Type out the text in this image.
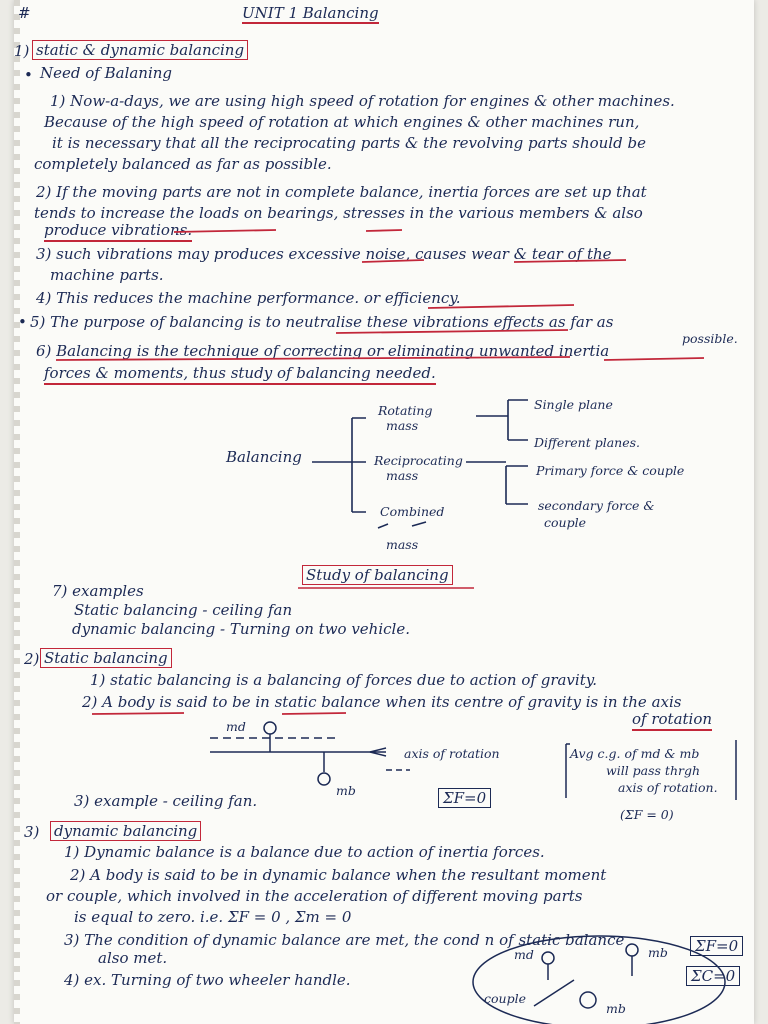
#	UNIT 1 Balancing
1) static & dynamic balancing
• Need of Balaning
1) Now-a-days, we are using high speed of rotation for engines & other machines.
Because of the high speed of rotation at which engines & other machines run,
it is necessary that all the reciprocating parts & the revolving parts should be
completely balanced as far as possible.
2) If the moving parts are not in complete balance, inertia forces are set up that
tends to increase the loads on bearings, stresses in the various members & also
produce vibrations.
3) such vibrations may produces excessive noise, causes wear & tear of the
machine parts.
4) This reduces the machine performance. or efficiency.
• 5) The purpose of balancing is to neutralise these vibrations effects as far as
possible.
6) Balancing is the technique of correcting or eliminating unwanted inertia
forces & moments, thus study of balancing needed.
Balancing
Rotating
mass
Reciprocating
mass
Combined
mass
Single plane
Different planes.
Primary force & couple
secondary force &
couple
Study of balancing
7) examples
Static balancing - ceiling fan
dynamic balancing - Turning on two vehicle.
2) Static balancing
1) static balancing is a balancing of forces due to action of gravity.
2) A body is said to be in static balance when its centre of gravity is in the axis
of rotation
md
mb
axis of rotation	Avg c.g. of md & mb
will pass thrgh
axis of rotation.
(ΣF = 0)
3) example - ceiling fan.	ΣF=0
3) dynamic balancing
1) Dynamic balance is a balance due to action of inertia forces.
2) A body is said to be in dynamic balance when the resultant moment
or couple, which involved in the acceleration of different moving parts
is equal to zero. i.e. ΣF = 0 , Σm = 0
3) The condition of dynamic balance are met, the cond n of static balance
also met.
4) ex. Turning of two wheeler handle.
md	mb
mb
couple
ΣF=0
ΣC=0
